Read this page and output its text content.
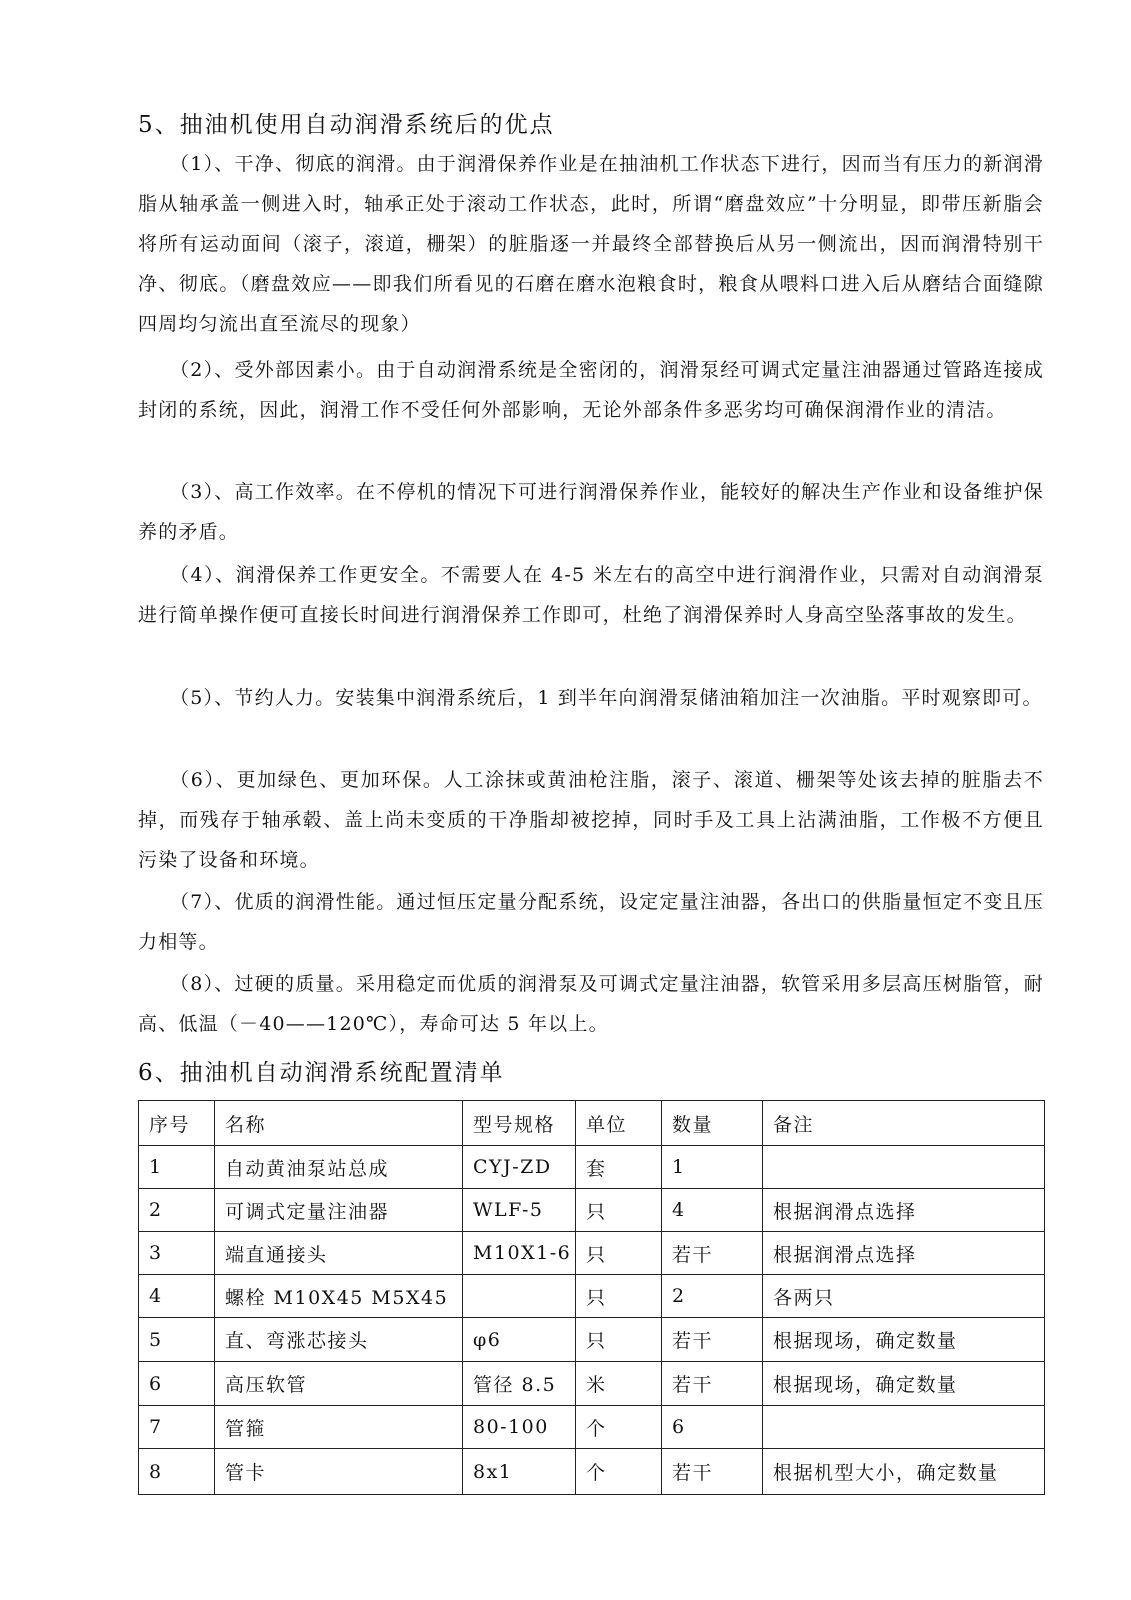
5、抽油机使用自动润滑系统后的优点

（1）、干净、彻底的润滑。由于润滑保养作业是在抽油机工作状态下进行，因而当有压力的新润滑脂从轴承盖一侧进入时，轴承正处于滚动工作状态，此时，所谓“磨盘效应”十分明显，即带压新脂会将所有运动面间（滚子，滚道，栅架）的脏脂逐一并最终全部替换后从另一侧流出，因而润滑特别干净、彻底。（磨盘效应——即我们所看见的石磨在磨水泡粮食时，粮食从喂料口进入后从磨结合面缝隙四周均匀流出直至流尽的现象）

（2）、受外部因素小。由于自动润滑系统是全密闭的，润滑泵经可调式定量注油器通过管路连接成封闭的系统，因此，润滑工作不受任何外部影响，无论外部条件多恶劣均可确保润滑作业的清洁。

（3）、高工作效率。在不停机的情况下可进行润滑保养作业，能较好的解决生产作业和设备维护保养的矛盾。

（4）、润滑保养工作更安全。不需要人在 4-5 米左右的高空中进行润滑作业，只需对自动润滑泵进行简单操作便可直接长时间进行润滑保养工作即可，杜绝了润滑保养时人身高空坠落事故的发生。

（5）、节约人力。安装集中润滑系统后，1 到半年向润滑泵储油箱加注一次油脂。平时观察即可。

（6）、更加绿色、更加环保。人工涂抹或黄油枪注脂，滚子、滚道、栅架等处该去掉的脏脂去不掉，而残存于轴承毂、盖上尚未变质的干净脂却被挖掉，同时手及工具上沾满油脂，工作极不方便且污染了设备和环境。

（7）、优质的润滑性能。通过恒压定量分配系统，设定定量注油器，各出口的供脂量恒定不变且压力相等。

（8）、过硬的质量。采用稳定而优质的润滑泵及可调式定量注油器，软管采用多层高压树脂管，耐高、低温（－40——120℃），寿命可达 5 年以上。

6、抽油机自动润滑系统配置清单
序号	名称	型号规格	单位	数量	备注
1	自动黄油泵站总成	CYJ-ZD	套	1	
2	可调式定量注油器	WLF-5	只	4	根据润滑点选择
3	端直通接头	M10X1-6	只	若干	根据润滑点选择
4	螺栓 M10X45 M5X45		只	2	各两只
5	直、弯涨芯接头	φ6	只	若干	根据现场，确定数量
6	高压软管	管径 8.5	米	若干	根据现场，确定数量
7	管箍	80-100	个	6	
8	管卡	8x1	个	若干	根据机型大小，确定数量
